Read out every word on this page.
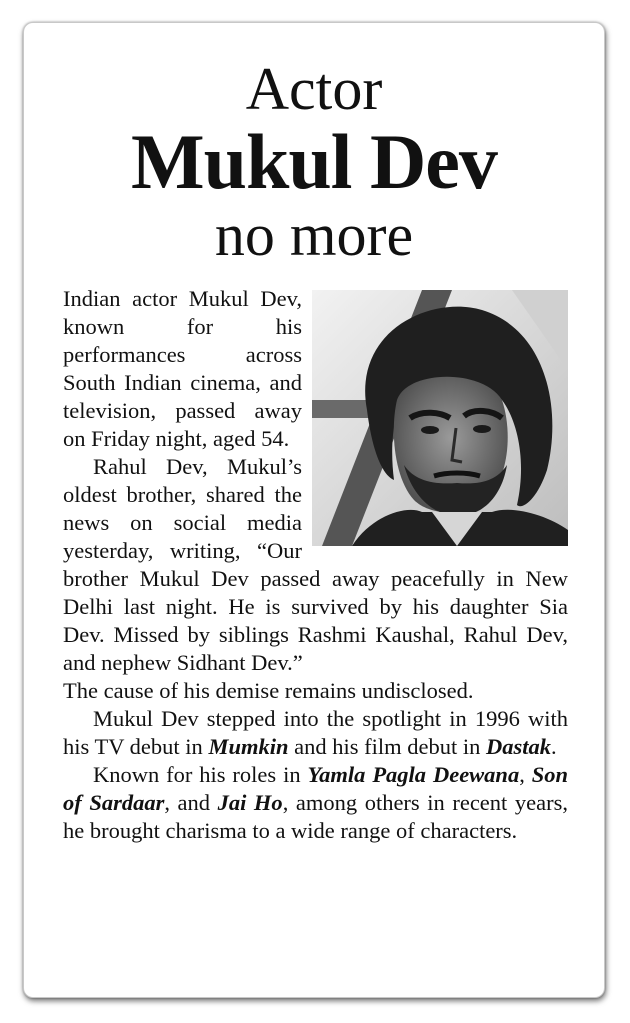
Actor
Mukul Dev
no more

Indian actor Mukul Dev, known for his performances across South Indian cinema, and television, passed away on Friday night, aged 54.

Rahul Dev, Mukul’s oldest brother, shared the news on social media yesterday, writing, “Our brother Mukul Dev passed away peacefully in New Delhi last night. He is survived by his daughter Sia Dev. Missed by siblings Rashmi Kaushal, Rahul Dev, and nephew Sidhant Dev.”

The cause of his demise remains undisclosed.

Mukul Dev stepped into the spotlight in 1996 with his TV debut in Mumkin and his film debut in Dastak.

Known for his roles in Yamla Pagla Deewana, Son of Sardaar, and Jai Ho, among others in recent years, he brought charisma to a wide range of characters.
